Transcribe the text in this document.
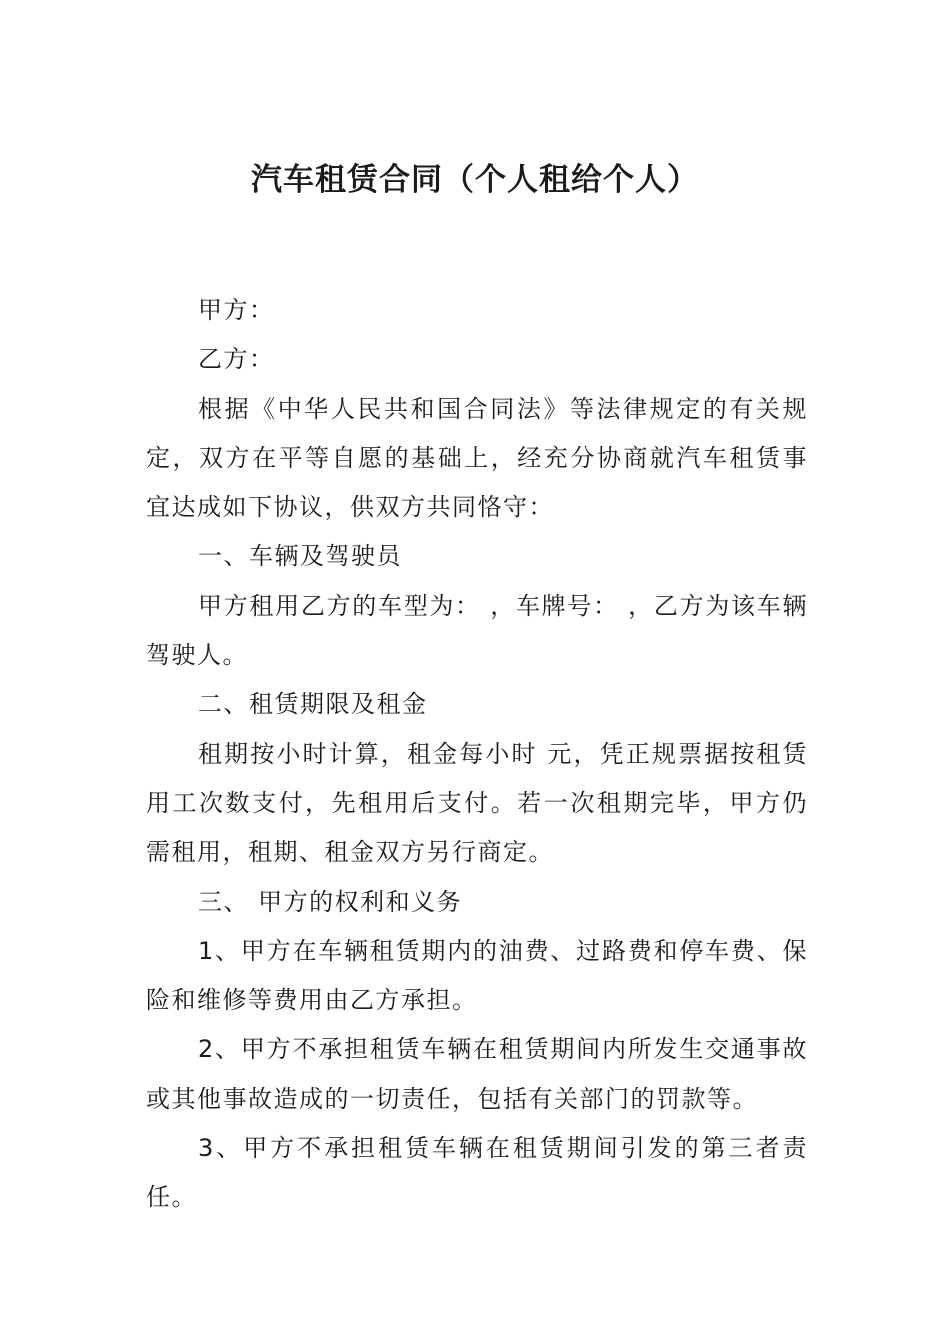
汽车租赁合同（个人租给个人）

甲方：

乙方：

根据《中华人民共和国合同法》等法律规定的有关规定，双方在平等自愿的基础上，经充分协商就汽车租赁事宜达成如下协议，供双方共同恪守：

一、车辆及驾驶员

甲方租用乙方的车型为： ，车牌号： ，乙方为该车辆驾驶人。

二、租赁期限及租金

租期按小时计算，租金每小时 元，凭正规票据按租赁用工次数支付，先租用后支付。若一次租期完毕，甲方仍需租用，租期、租金双方另行商定。

三、 甲方的权利和义务

1、甲方在车辆租赁期内的油费、过路费和停车费、保险和维修等费用由乙方承担。

2、甲方不承担租赁车辆在租赁期间内所发生交通事故或其他事故造成的一切责任，包括有关部门的罚款等。

3、甲方不承担租赁车辆在租赁期间引发的第三者责任。
